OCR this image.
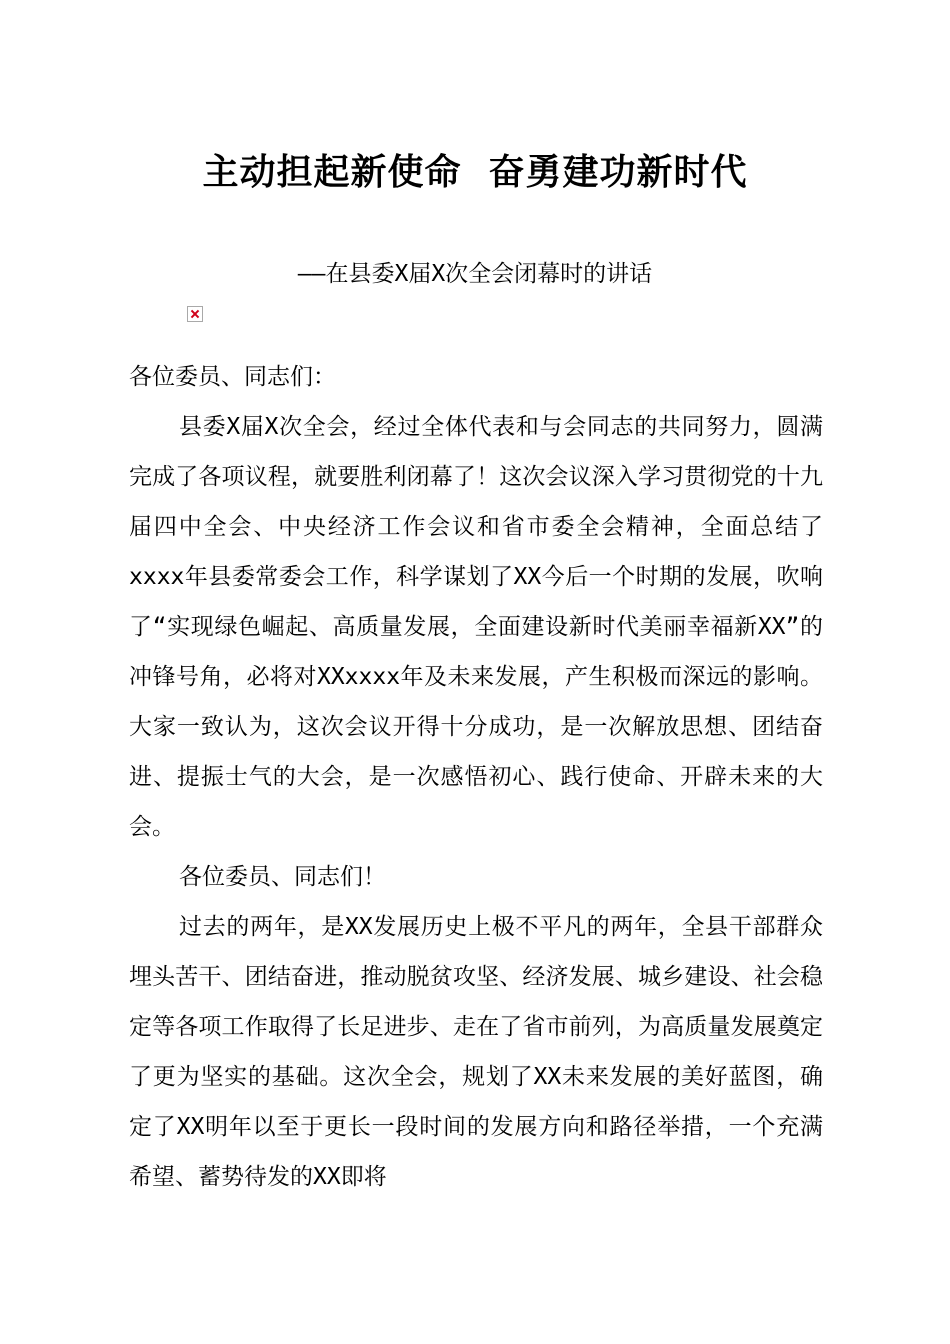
主动担起新使命  奋勇建功新时代

——在县委X届X次全会闭幕时的讲话

各位委员、同志们：

县委X届X次全会，经过全体代表和与会同志的共同努力，圆满完成了各项议程，就要胜利闭幕了！这次会议深入学习贯彻党的十九届四中全会、中央经济工作会议和省市委全会精神，全面总结了xxxx年县委常委会工作，科学谋划了XX今后一个时期的发展，吹响了“实现绿色崛起、高质量发展，全面建设新时代美丽幸福新XX”的冲锋号角，必将对XXxxxx年及未来发展，产生积极而深远的影响。大家一致认为，这次会议开得十分成功，是一次解放思想、团结奋进、提振士气的大会，是一次感悟初心、践行使命、开辟未来的大会。

各位委员、同志们！

过去的两年，是XX发展历史上极不平凡的两年，全县干部群众埋头苦干、团结奋进，推动脱贫攻坚、经济发展、城乡建设、社会稳定等各项工作取得了长足进步、走在了省市前列，为高质量发展奠定了更为坚实的基础。这次全会，规划了XX未来发展的美好蓝图，确定了XX明年以至于更长一段时间的发展方向和路径举措，一个充满希望、蓄势待发的XX即将
